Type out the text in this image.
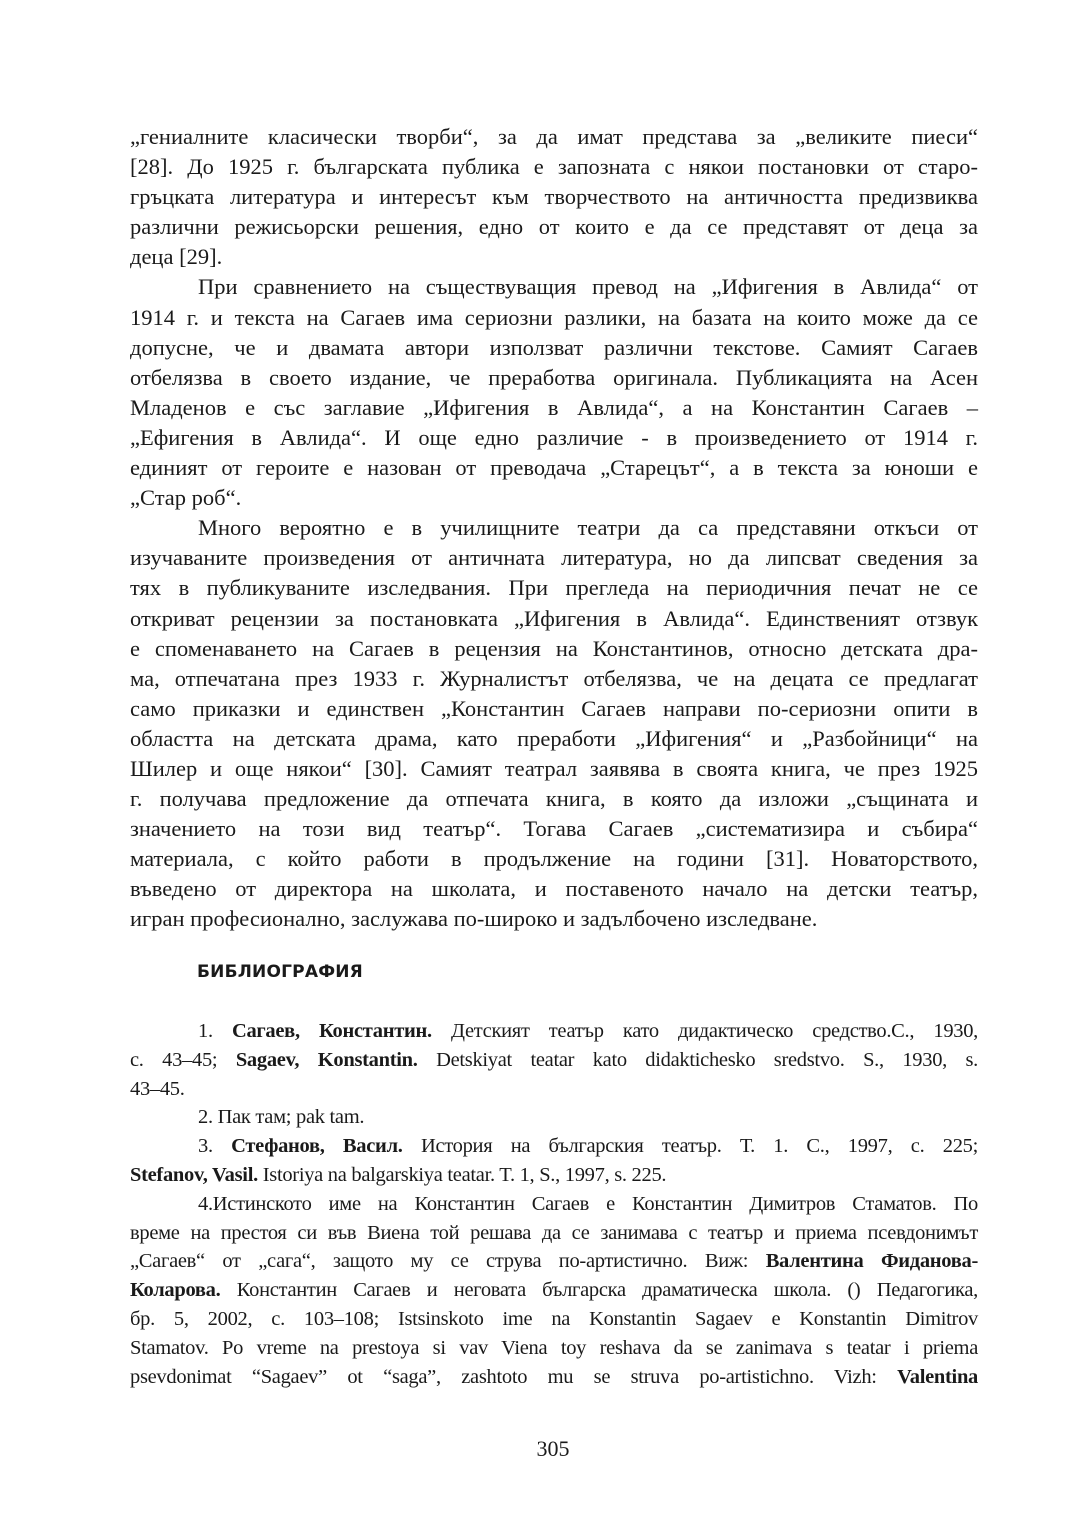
„гениалните класически творби“, за да имат представа за „великите пиеси“
[28]. До 1925 г. българската публика е запозната с някои постановки от старо-
гръцката литература и интересът към творчеството на античността предизвиква
различни режисьорски решения, едно от които е да се представят от деца за
деца [29].
При сравнението на съществуващия превод на „Ифигения в Авлида“ от
1914 г. и текста на Сагаев има сериозни разлики, на базата на които може да се
допусне, че и двамата автори използват различни текстове. Самият Сагаев
отбелязва в своето издание, че преработва оригинала. Публикацията на Асен
Младенов е със заглавие „Ифигения в Авлида“, а на Константин Сагаев –
„Ефигения в Авлида“. И още едно различие - в произведението от 1914 г.
единият от героите е назован от преводача „Старецът“, а в текста за юноши е
„Стар роб“.
Много вероятно е в училищните театри да са представяни откъси от
изучаваните произведения от античната литература, но да липсват сведения за
тях в публикуваните изследвания. При прегледа на периодичния печат не се
откриват рецензии за постановката „Ифигения в Авлида“. Единственият отзвук
е споменаването на Сагаев в рецензия на Константинов, относно детската дра-
ма, отпечатана през 1933 г. Журналистът отбелязва, че на децата се предлагат
само приказки и единствен „Константин Сагаев направи по-сериозни опити в
областта на детската драма, като преработи „Ифигения“ и „Разбойници“ на
Шилер и още някои“ [30]. Самият театрал заявява в своята книга, че през 1925
г. получава предложение да отпечата книга, в която да изложи „същината и
значението на този вид театър“. Тогава Сагаев „систематизира и събира“
материала, с който работи в продължение на години [31]. Новаторството,
въведено от директора на школата, и поставеното начало на детски театър,
игран професионално, заслужава по-широко и задълбочено изследване.
БИБЛИОГРАФИЯ
1. Сагаев, Константин. Детският театър като дидактическо средство.С., 1930,
с. 43–45; Sagaev, Konstantin. Detskiyat teatar kato didaktichesko sredstvo. S., 1930, s.
43–45.
2. Пак там; pak tam.
3. Стефанов, Васил. История на българския театър. Т. 1. С., 1997, с. 225;
Stefanov, Vasil. Istoriya na balgarskiya teatar. T. 1, S., 1997, s. 225.
4.Истинското име на Константин Сагаев е Константин Димитров Стаматов. По
време на престоя си във Виена той решава да се занимава с театър и приема псевдонимът
„Сагаев“ от „сага“, защото му се струва по-артистично. Виж: Валентина Фиданова-
Коларова. Константин Сагаев и неговата българска драматическа школа. () Педагогика,
бр. 5, 2002, с. 103–108; Istsinskoto ime na Konstantin Sagaev e Konstantin Dimitrov
Stamatov. Po vreme na prestoya si vav Viena toy reshava da se zanimava s teatar i priema
psevdonimat “Sagaev” ot “saga”, zashtoto mu se struva po-artistichno. Vizh: Valentina
305
